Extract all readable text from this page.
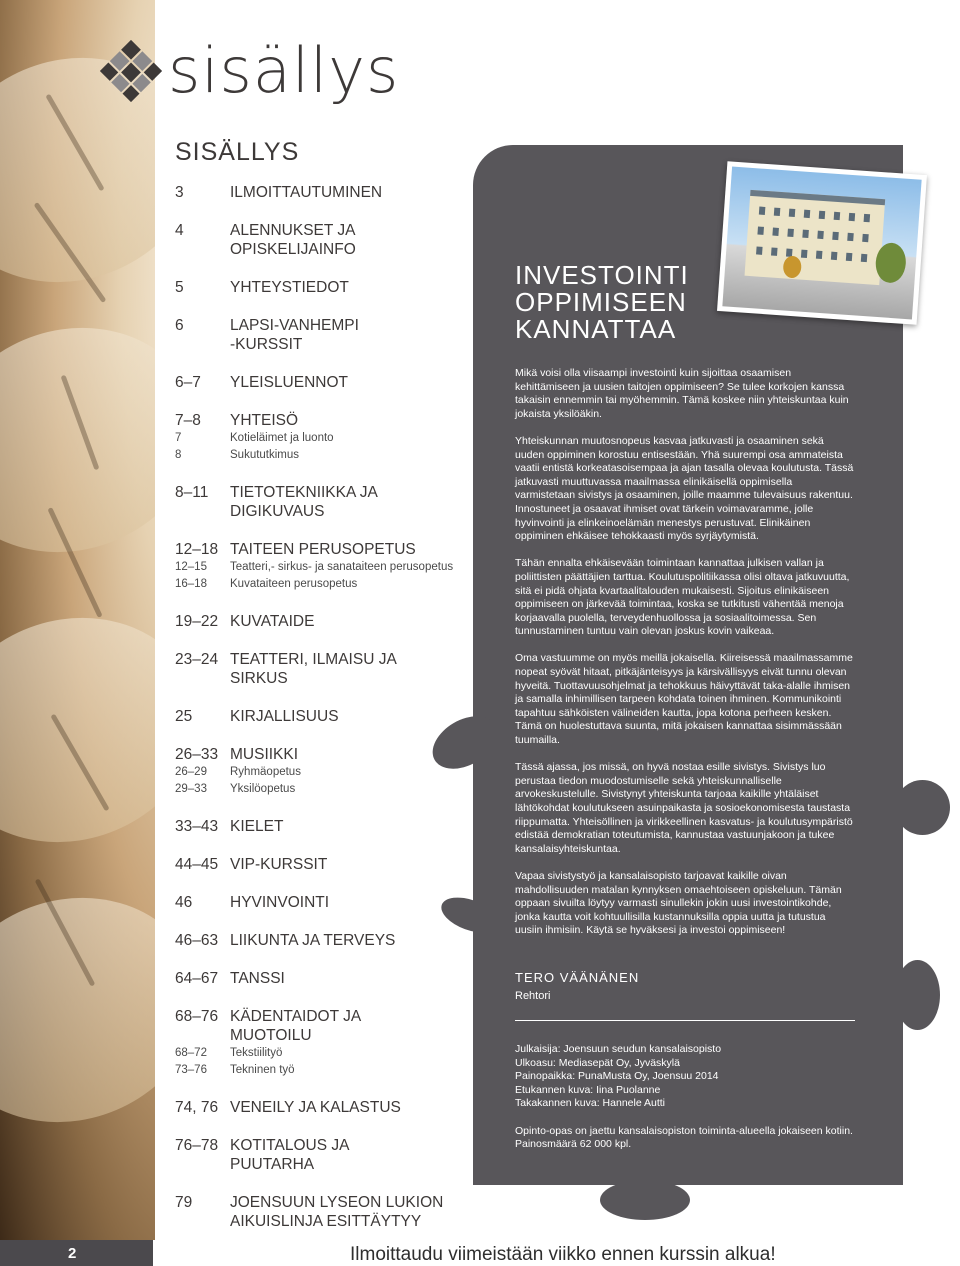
sisällys
SISÄLLYS
3	ILMOITTAUTUMINEN
4	ALENNUKSET JA
OPISKELIJAINFO
5	YHTEYSTIEDOT
6	LAPSI-VANHEMPI
-KURSSIT
6–7	YLEISLUENNOT
7–8	YHTEISÖ
7	Kotieläimet ja luonto
8	Sukututkimus
8–11	TIETOTEKNIIKKA JA
DIGIKUVAUS
12–18 TAITEEN PERUSOPETUS
12–15	Teatteri,- sirkus- ja sanataiteen perusopetus
16–18	Kuvataiteen perusopetus
19–22 KUVATAIDE
23–24 TEATTERI, ILMAISU JA
SIRKUS
25	KIRJALLISUUS
26–33 MUSIIKKI
26–29	Ryhmäopetus
29–33	Yksilöopetus
33–43 KIELET
44–45 VIP-KURSSIT
46	HYVINVOINTI
46–63 LIIKUNTA JA TERVEYS
64–67 TANSSI
68–76 KÄDENTAIDOT JA
MUOTOILU
68–72	Tekstiilityö
73–76	Tekninen työ
74, 76 VENEILY JA KALASTUS
76–78 KOTITALOUS JA
PUUTARHA
79	JOENSUUN LYSEON LUKION
AIKUISLINJA ESITTÄYTYY
INVESTOINTI
OPPIMISEEN
KANNATTAA

Mikä voisi olla viisaampi investointi kuin sijoittaa osaamisen kehittämiseen ja uusien taitojen oppimiseen? Se tulee korkojen kanssa takaisin ennemmin tai myöhemmin. Tämä koskee niin yhteiskuntaa kuin jokaista yksilöäkin.

Yhteiskunnan muutosnopeus kasvaa jatkuvasti ja osaaminen sekä uuden oppiminen korostuu entisestään. Yhä suurempi osa ammateista vaatii entistä korkeatasoisempaa ja ajan tasalla olevaa koulutusta. Tässä jatkuvasti muuttuvassa maailmassa elinikäisellä oppimisella varmistetaan sivistys ja osaaminen, joille maamme tulevaisuus rakentuu. Innostuneet ja osaavat ihmiset ovat tärkein voimavaramme, jolle hyvinvointi ja elinkeinoelämän menestys perustuvat. Elinikäinen oppiminen ehkäisee tehokkaasti myös syrjäytymistä.

Tähän ennalta ehkäisevään toimintaan kannattaa julkisen vallan ja poliittisten päättäjien tarttua. Koulutuspolitiikassa olisi oltava jatkuvuutta, sitä ei pidä ohjata kvartaalitalouden mukaisesti. Sijoitus elinikäiseen oppimiseen on järkevää toimintaa, koska se tutkitusti vähentää menoja korjaavalla puolella, terveydenhuollossa ja sosiaalitoimessa. Sen tunnustaminen tuntuu vain olevan joskus kovin vaikeaa.

Oma vastuumme on myös meillä jokaisella. Kiireisessä maailmassamme nopeat syövät hitaat, pitkäjänteisyys ja kärsivällisyys eivät tunnu olevan hyveitä. Tuottavuusohjelmat ja tehokkuus häivyttävät taka-alalle ihmisen ja samalla inhimillisen tarpeen kohdata toinen ihminen. Kommunikointi tapahtuu sähköisten välineiden kautta, jopa kotona perheen kesken. Tämä on huolestuttava suunta, mitä jokaisen kannattaa sisimmässään tuumailla.

Tässä ajassa, jos missä, on hyvä nostaa esille sivistys. Sivistys luo perustaa tiedon muodostumiselle sekä yhteiskunnalliselle arvokeskustelulle. Sivistynyt yhteiskunta tarjoaa kaikille yhtäläiset lähtökohdat koulutukseen asuinpaikasta ja sosioekonomisesta taustasta riippumatta. Yhteisöllinen ja virikkeellinen kasvatus- ja koulutusympäristö edistää demokratian toteutumista, kannustaa vastuunjakoon ja tukee kansalaisyhteiskuntaa.

Vapaa sivistystyö ja kansalaisopisto tarjoavat kaikille oivan mahdollisuuden matalan kynnyksen omaehtoiseen opiskeluun. Tämän oppaan sivuilta löytyy varmasti sinullekin jokin uusi investointikohde, jonka kautta voit kohtuullisilla kustannuksilla oppia uutta ja tutustua uusiin ihmisiin. Käytä se hyväksesi ja investoi oppimiseen!

TERO VÄÄNÄNEN
Rehtori

Julkaisija: Joensuun seudun kansalaisopisto
Ulkoasu: Mediasepät Oy, Jyväskylä
Painopaikka: PunaMusta Oy, Joensuu 2014
Etukannen kuva: Iina Puolanne
Takakannen kuva: Hannele Autti

Opinto-opas on jaettu kansalaisopiston toiminta-alueella jokaiseen kotiin. Painosmäärä 62 000 kpl.

2	Ilmoittaudu viimeistään viikko ennen kurssin alkua!
